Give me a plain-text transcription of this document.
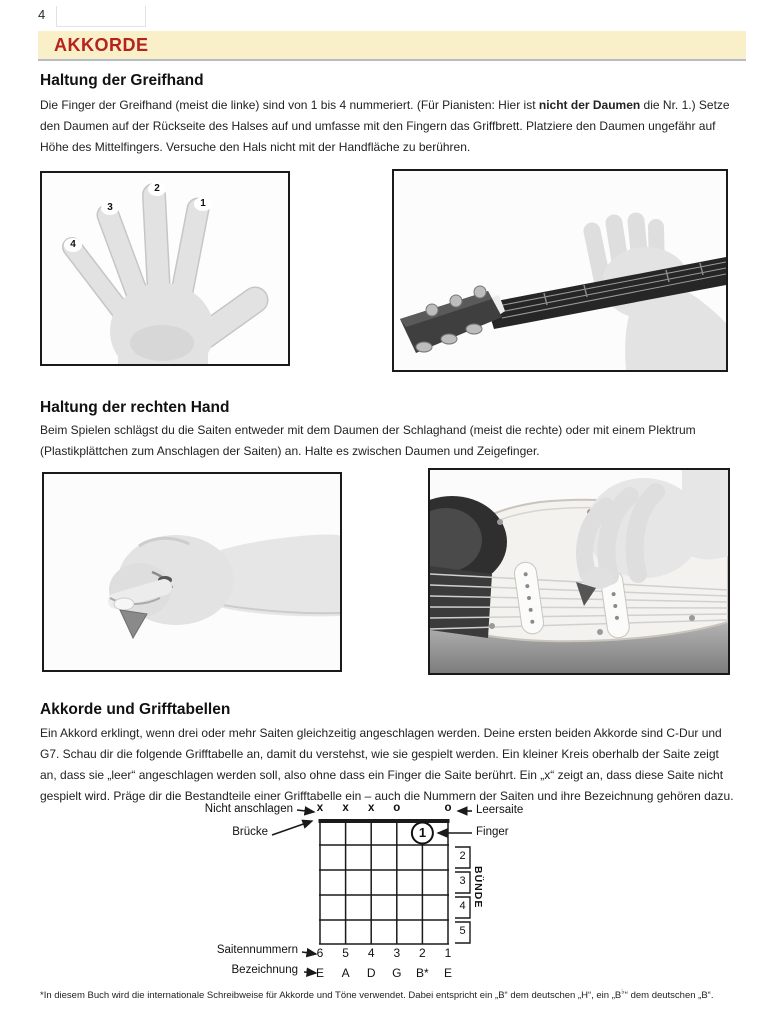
4
AKKORDE
Haltung der Greifhand
Die Finger der Greifhand (meist die linke) sind von 1 bis 4 nummeriert. (Für Pianisten: Hier ist nicht der Daumen die Nr. 1.) Setze den Daumen auf der Rückseite des Halses auf und umfasse mit den Fingern das Griffbrett. Platziere den Daumen ungefähr auf Höhe des Mittelfingers. Versuche den Hals nicht mit der Handfläche zu berühren.
1
2
3
4
Haltung der rechten Hand
Beim Spielen schlägst du die Saiten entweder mit dem Daumen der Schlaghand (meist die rechte) oder mit einem Plektrum (Plastikplättchen zum Anschlagen der Saiten) an. Halte es zwischen Daumen und Zeigefinger.
Akkorde und Grifftabellen
Ein Akkord erklingt, wenn drei oder mehr Saiten gleichzeitig angeschlagen werden. Deine ersten beiden Akkorde sind C-Dur und G7. Schau dir die folgende Grifftabelle an, damit du verstehst, wie sie gespielt werden. Ein kleiner Kreis oberhalb der Saite zeigt an, dass sie „leer“ angeschlagen werden soll, also ohne dass ein Finger die Saite berührt. Ein „x“ zeigt an, dass diese Saite nicht gespielt wird. Präge dir die Bestandteile einer Grifftabelle ein – auch die Nummern der Saiten und ihre Bezeichnung gehören dazu.
Nicht anschlagen	Leersaite
Brücke	Finger
x	x	x	o	o
1
2
3
4
5
BÜNDE
Saitennummern	6	5	4	3	2	1
Bezeichnung	E	A	D	G	B*	E
*In diesem Buch wird die internationale Schreibweise für Akkorde und Töne verwendet. Dabei entspricht ein „B“ dem deutschen „H“, ein „B♭“ dem deutschen „B“.
